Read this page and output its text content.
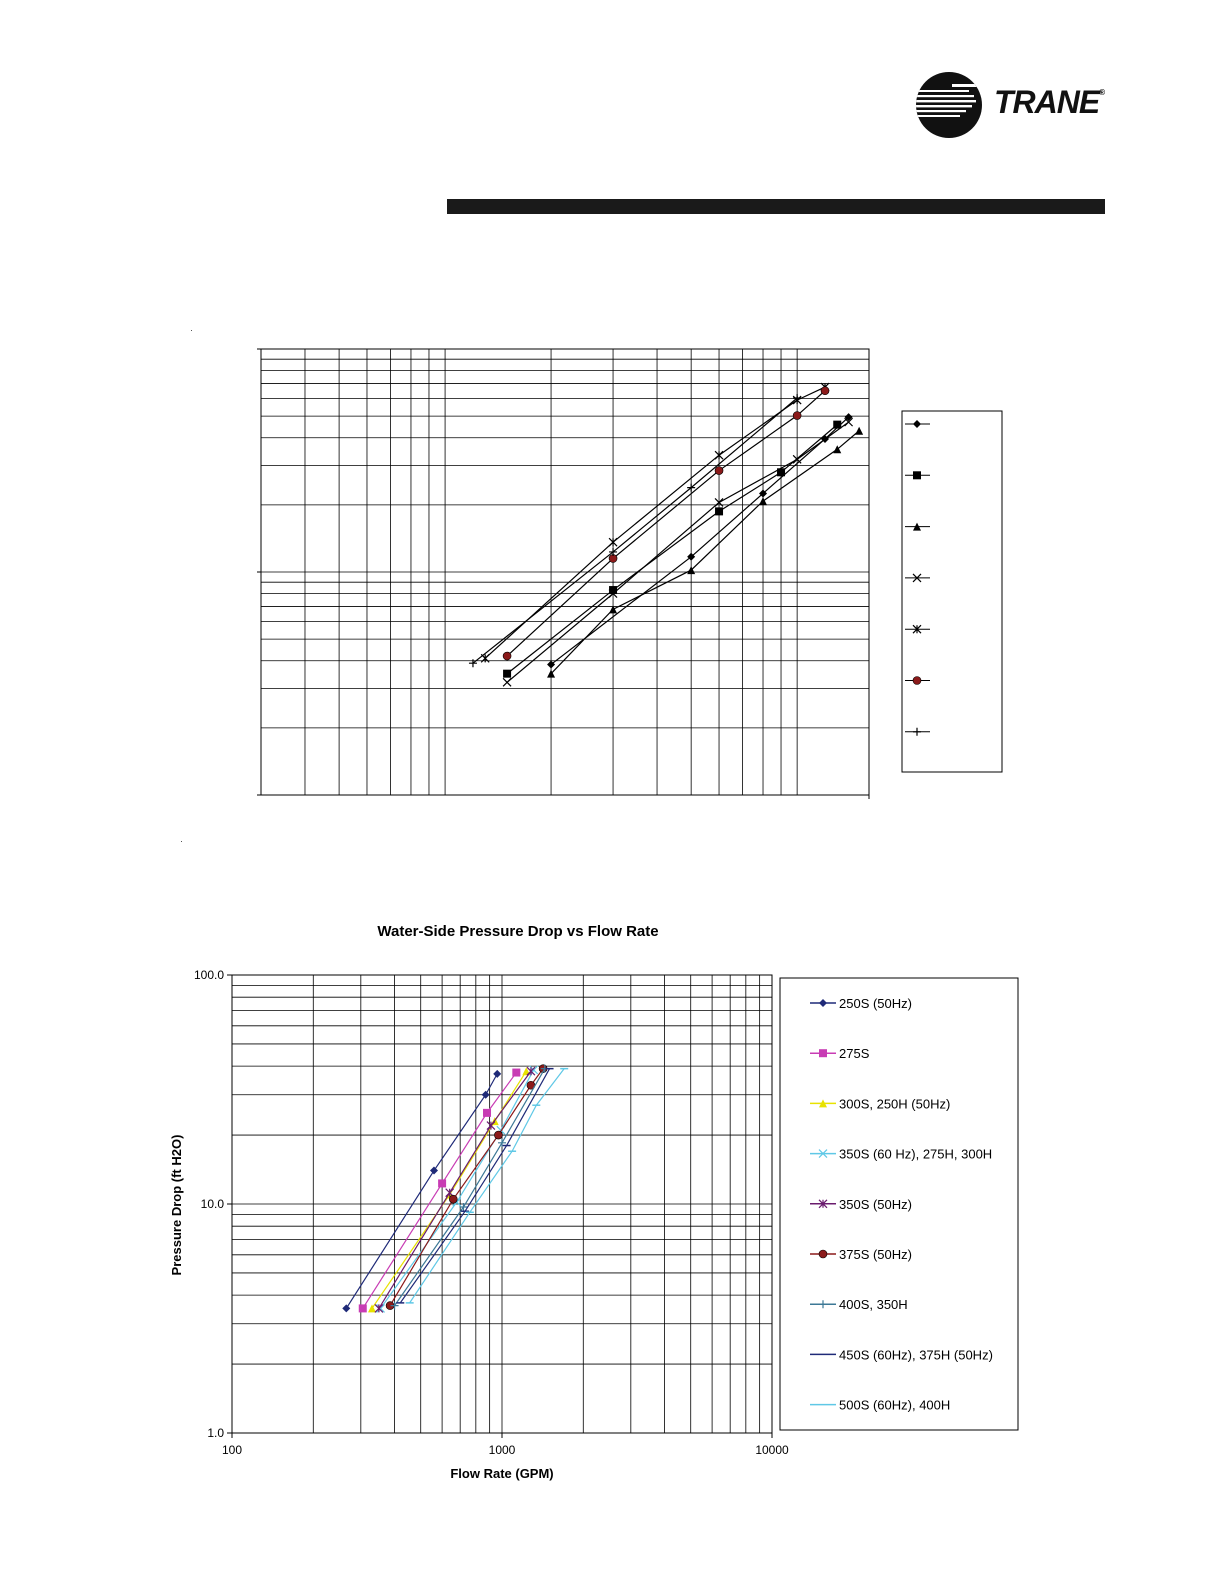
TRANE®
Water-Side Pressure Drop vs Flow Rate
Pressure Drop (ft H2O)
Flow Rate (GPM)
1.0
10.0
100.0
100	1000	10000
250S (50Hz)
275S
300S, 250H (50Hz)
350S (60 Hz), 275H, 300H
350S (50Hz)
375S (50Hz)
400S, 350H
450S (60Hz), 375H (50Hz)
500S (60Hz), 400H
